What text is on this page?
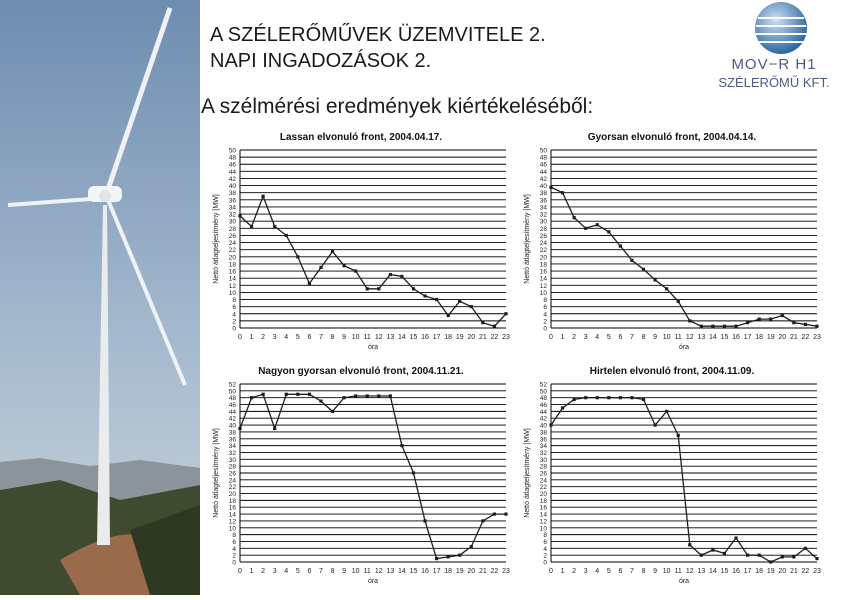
A SZÉLERŐMŰVEK ÜZEMVITELE 2.
NAPI INGADOZÁSOK 2.
A szélmérési eredmények kiértékeléséből:
MOV−R H1
SZÉLERŐMŰ KFT.
Lassan elvonuló front, 2004.04.17.
0
2
4
6
8
10
12
14
16
18
20
22
24
26
28
30
32
34
36
38
40
42
44
46
48
50
0 1 2 3 4 5 6 7 8 9 10 11 12 13 14 15 16 17 18 19 20 21 22 23
óra
Nettó átlagteljesítmény [MW]
Gyorsan elvonuló front, 2004.04.14.
0
2
4
6
8
10
12
14
16
18
20
22
24
26
28
30
32
34
36
38
40
42
44
46
48
50
0 1 2 3 4 5 6 7 8 9 10 11 12 13 14 15 16 17 18 19 20 21 22 23
óra
Nettó átlagteljesítmény [MW]
Nagyon gyorsan elvonuló front, 2004.11.21.
0
2
4
6
8
10
12
14
16
18
20
22
24
26
28
30
32
34
36
38
40
42
44
46
48
50
52
0 1 2 3 4 5 6 7 8 9 10 11 12 13 14 15 16 17 18 19 20 21 22 23
óra
Nettó átlagteljesítmény [MW]
Hirtelen elvonuló front, 2004.11.09.
0
2
4
6
8
10
12
14
16
18
20
22
24
26
28
30
32
34
36
38
40
42
44
46
48
50
52
0 1 2 3 4 5 6 7 8 9 10 11 12 13 14 15 16 17 18 19 20 21 22 23
óra
Nettó átlagteljesítmény [MW]
